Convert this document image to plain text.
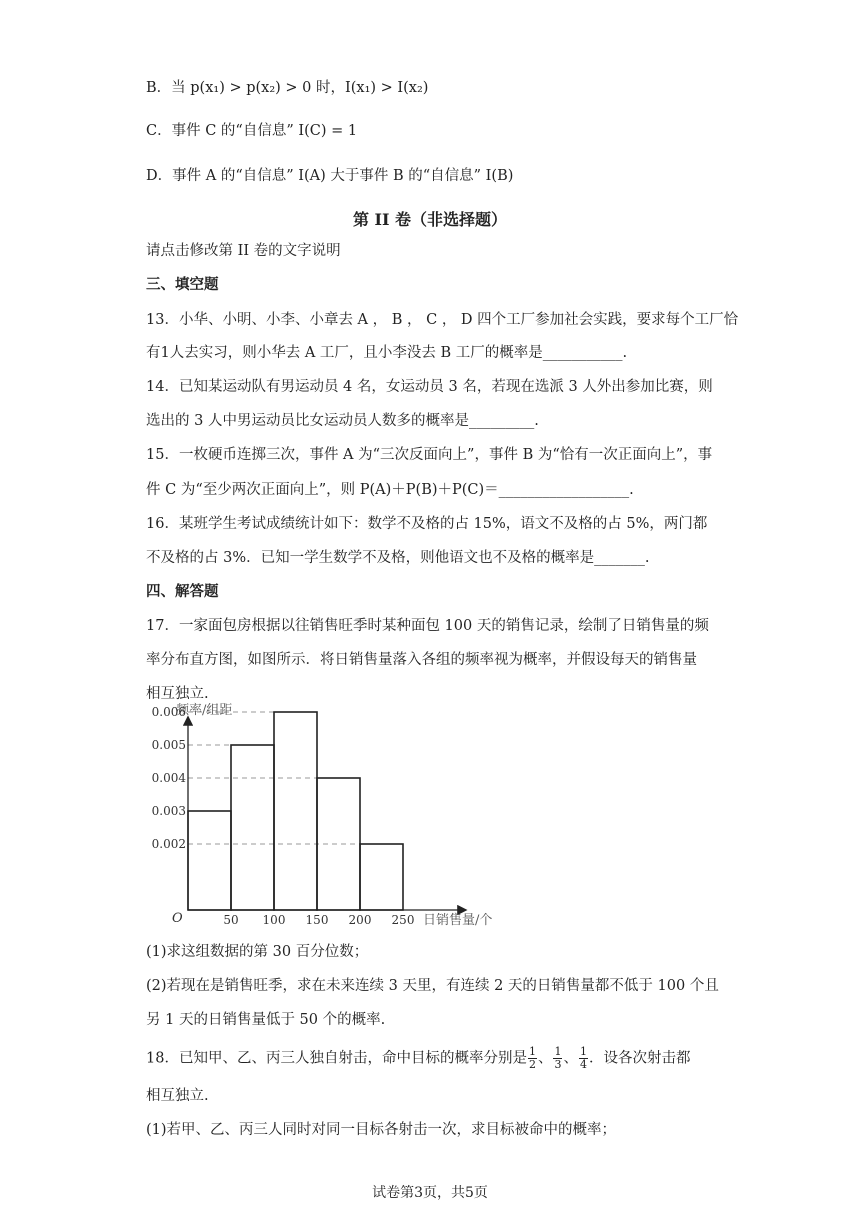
B．当 p(x₁) > p(x₂) > 0 时，I(x₁) > I(x₂)
C．事件 C 的“自信息” I(C) = 1
D．事件 A 的“自信息” I(A) 大于事件 B 的“自信息” I(B)
第 II 卷（非选择题）
请点击修改第 II 卷的文字说明
三、填空题
13．小华、小明、小李、小章去 A ， B ， C ， D 四个工厂参加社会实践，要求每个工厂恰
有1人去实习，则小华去 A 工厂，且小李没去 B 工厂的概率是___________.
14．已知某运动队有男运动员 4 名，女运动员 3 名，若现在选派 3 人外出参加比赛，则
选出的 3 人中男运动员比女运动员人数多的概率是_________.
15．一枚硬币连掷三次，事件 A 为“三次反面向上”，事件 B 为“恰有一次正面向上”，事
件 C 为“至少两次正面向上”，则 P(A)＋P(B)＋P(C)＝__________________.
16．某班学生考试成绩统计如下：数学不及格的占 15%，语文不及格的占 5%，两门都
不及格的占 3%．已知一学生数学不及格，则他语文也不及格的概率是_______.
四、解答题
17．一家面包房根据以往销售旺季时某种面包 100 天的销售记录，绘制了日销售量的频
率分布直方图，如图所示．将日销售量落入各组的频率视为概率，并假设每天的销售量
相互独立.
频率/组距
日销售量/个
O	50 100 150 200 250
0.006
0.005
0.004
0.003
0.002
(1)求这组数据的第 30 百分位数；
(2)若现在是销售旺季，求在未来连续 3 天里，有连续 2 天的日销售量都不低于 100 个且
另 1 天的日销售量低于 50 个的概率.
18．已知甲、乙、丙三人独自射击，命中目标的概率分别是 $\frac{1}{2}$ 、 $\frac{1}{3}$ 、 $\frac{1}{4}$ ．设各次射击都
相互独立.
(1)若甲、乙、丙三人同时对同一目标各射击一次，求目标被命中的概率；
试卷第3页，共5页
